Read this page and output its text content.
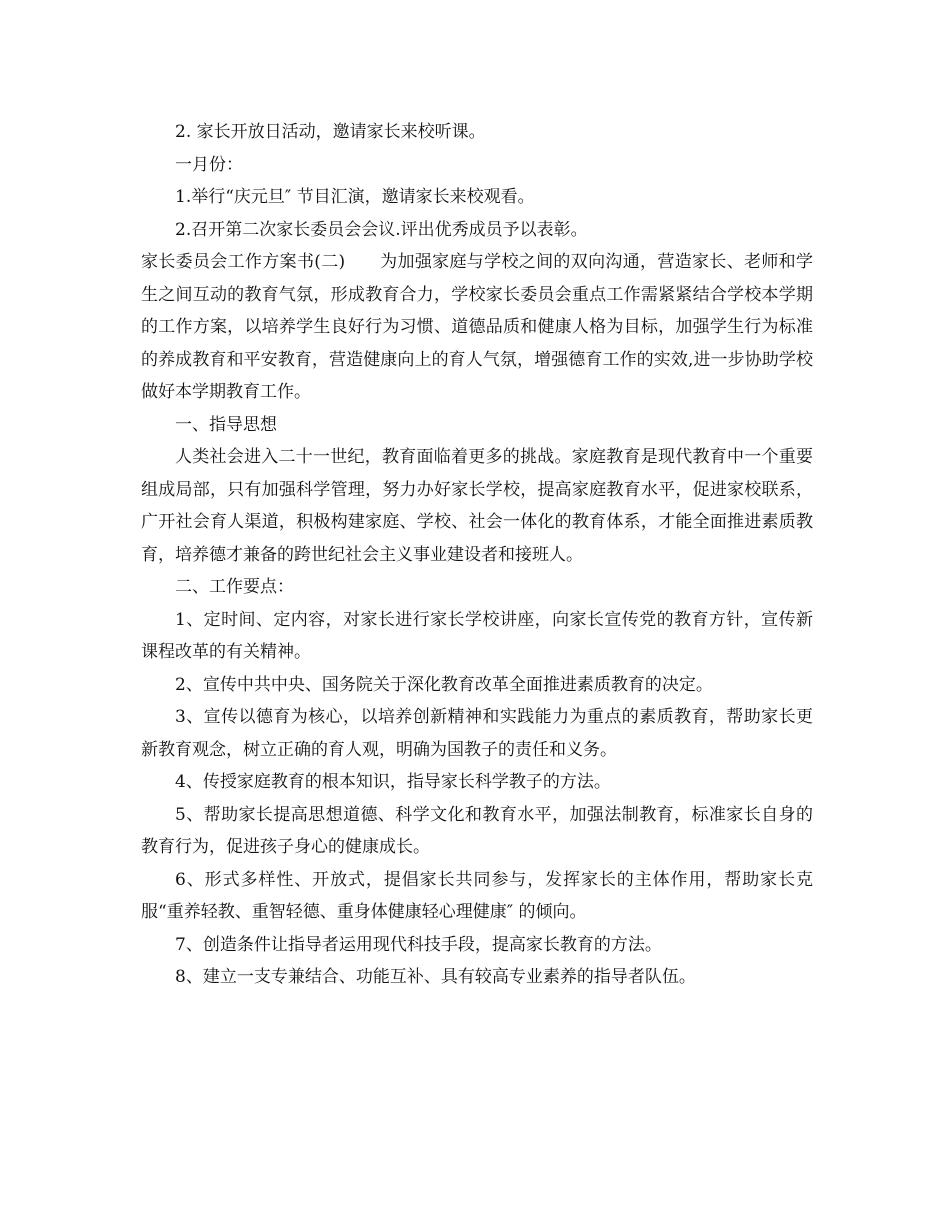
2. 家长开放日活动，邀请家长来校听课。

一月份：

1.举行“庆元旦″ 节目汇演，邀请家长来校观看。

2.召开第二次家长委员会会议.评出优秀成员予以表彰。

家长委员会工作方案书(二)　　为加强家庭与学校之间的双向沟通，营造家长、老师和学生之间互动的教育气氛，形成教育合力，学校家长委员会重点工作需紧紧结合学校本学期的工作方案，以培养学生良好行为习惯、道德品质和健康人格为目标，加强学生行为标准的养成教育和平安教育，营造健康向上的育人气氛，增强德育工作的实效,进一步协助学校做好本学期教育工作。

一、指导思想

人类社会进入二十一世纪，教育面临着更多的挑战。家庭教育是现代教育中一个重要组成局部，只有加强科学管理，努力办好家长学校，提高家庭教育水平，促进家校联系，广开社会育人渠道，积极构建家庭、学校、社会一体化的教育体系，才能全面推进素质教育，培养德才兼备的跨世纪社会主义事业建设者和接班人。

二、工作要点：

1、定时间、定内容，对家长进行家长学校讲座，向家长宣传党的教育方针，宣传新课程改革的有关精神。

2、宣传中共中央、国务院关于深化教育改革全面推进素质教育的决定。

3、宣传以德育为核心，以培养创新精神和实践能力为重点的素质教育，帮助家长更新教育观念，树立正确的育人观，明确为国教子的责任和义务。

4、传授家庭教育的根本知识，指导家长科学教子的方法。

5、帮助家长提高思想道德、科学文化和教育水平，加强法制教育，标准家长自身的教育行为，促进孩子身心的健康成长。

6、形式多样性、开放式，提倡家长共同参与，发挥家长的主体作用，帮助家长克服“重养轻教、重智轻德、重身体健康轻心理健康″ 的倾向。

7、创造条件让指导者运用现代科技手段，提高家长教育的方法。

8、建立一支专兼结合、功能互补、具有较高专业素养的指导者队伍。
